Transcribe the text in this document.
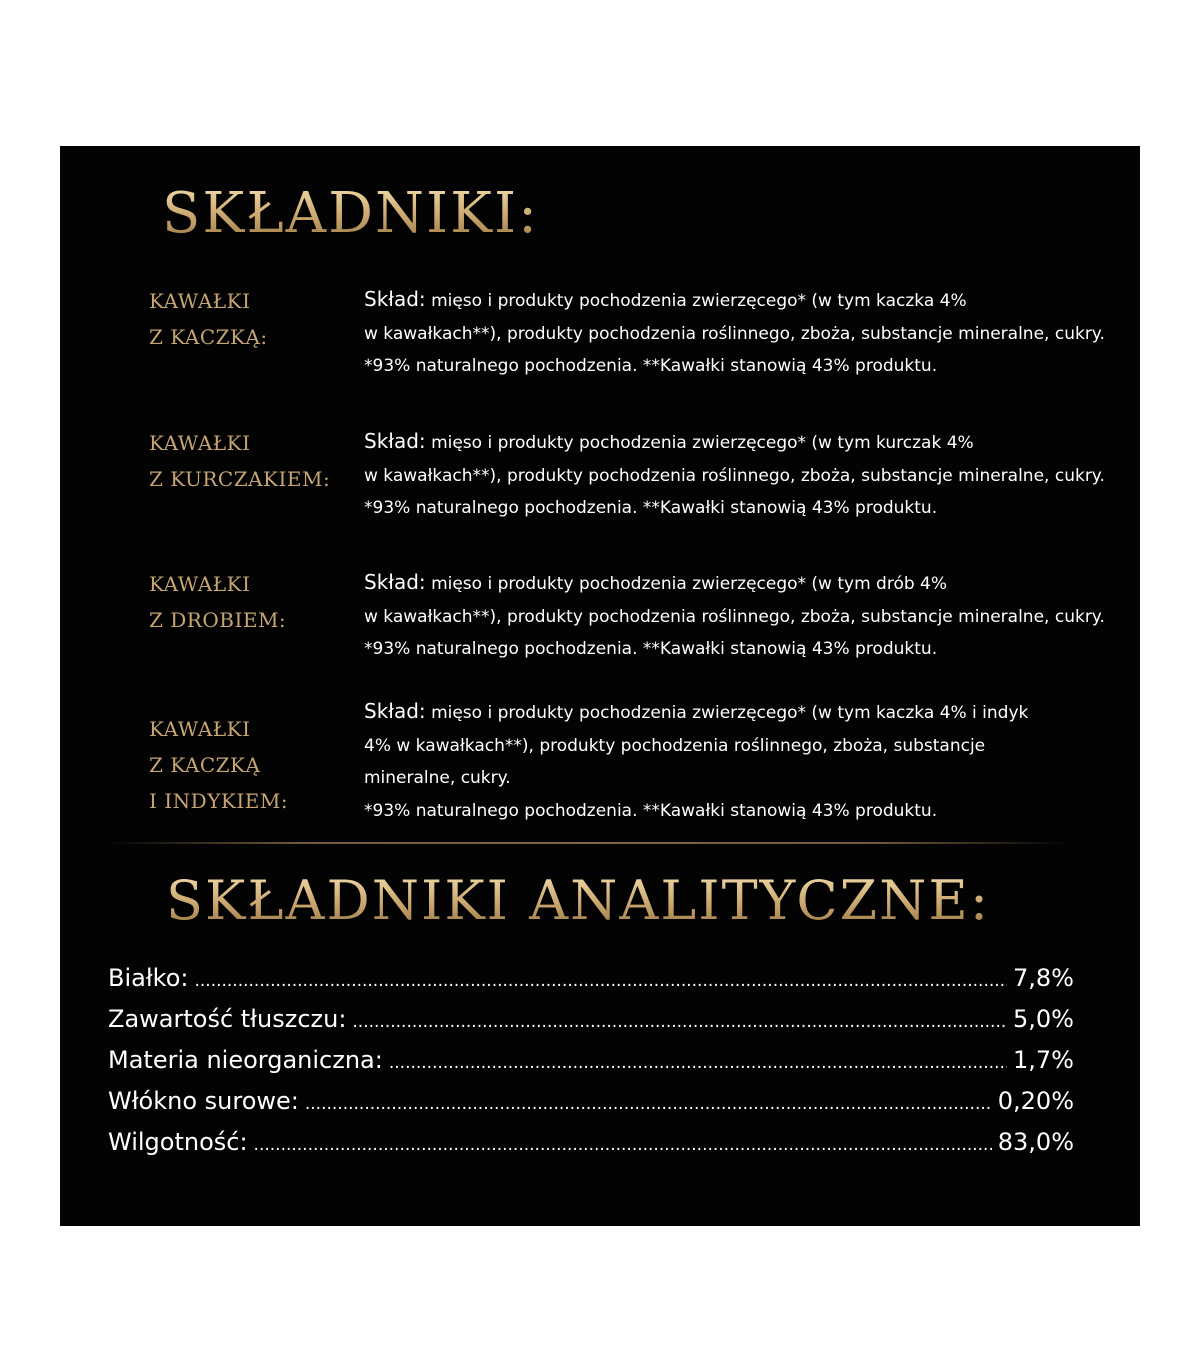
SKŁADNIKI:
KAWAŁKI
Z KACZKĄ:
Skład: mięso i produkty pochodzenia zwierzęcego* (w tym kaczka 4%
w kawałkach**), produkty pochodzenia roślinnego, zboża, substancje mineralne, cukry.
*93% naturalnego pochodzenia. **Kawałki stanowią 43% produktu.
KAWAŁKI
Z KURCZAKIEM:
Skład: mięso i produkty pochodzenia zwierzęcego* (w tym kurczak 4%
w kawałkach**), produkty pochodzenia roślinnego, zboża, substancje mineralne, cukry.
*93% naturalnego pochodzenia. **Kawałki stanowią 43% produktu.
KAWAŁKI
Z DROBIEM:
Skład: mięso i produkty pochodzenia zwierzęcego* (w tym drób 4%
w kawałkach**), produkty pochodzenia roślinnego, zboża, substancje mineralne, cukry.
*93% naturalnego pochodzenia. **Kawałki stanowią 43% produktu.
KAWAŁKI
Z KACZKĄ
I INDYKIEM:
Skład: mięso i produkty pochodzenia zwierzęcego* (w tym kaczka 4% i indyk
4% w kawałkach**), produkty pochodzenia roślinnego, zboża, substancje
mineralne, cukry.
*93% naturalnego pochodzenia. **Kawałki stanowią 43% produktu.
SKŁADNIKI ANALITYCZNE:
Białko: .....	7,8%
Zawartość tłuszczu: .....	5,0%
Materia nieorganiczna: .....	1,7%
Włókno surowe: .....	0,20%
Wilgotność: .....	83,0%
